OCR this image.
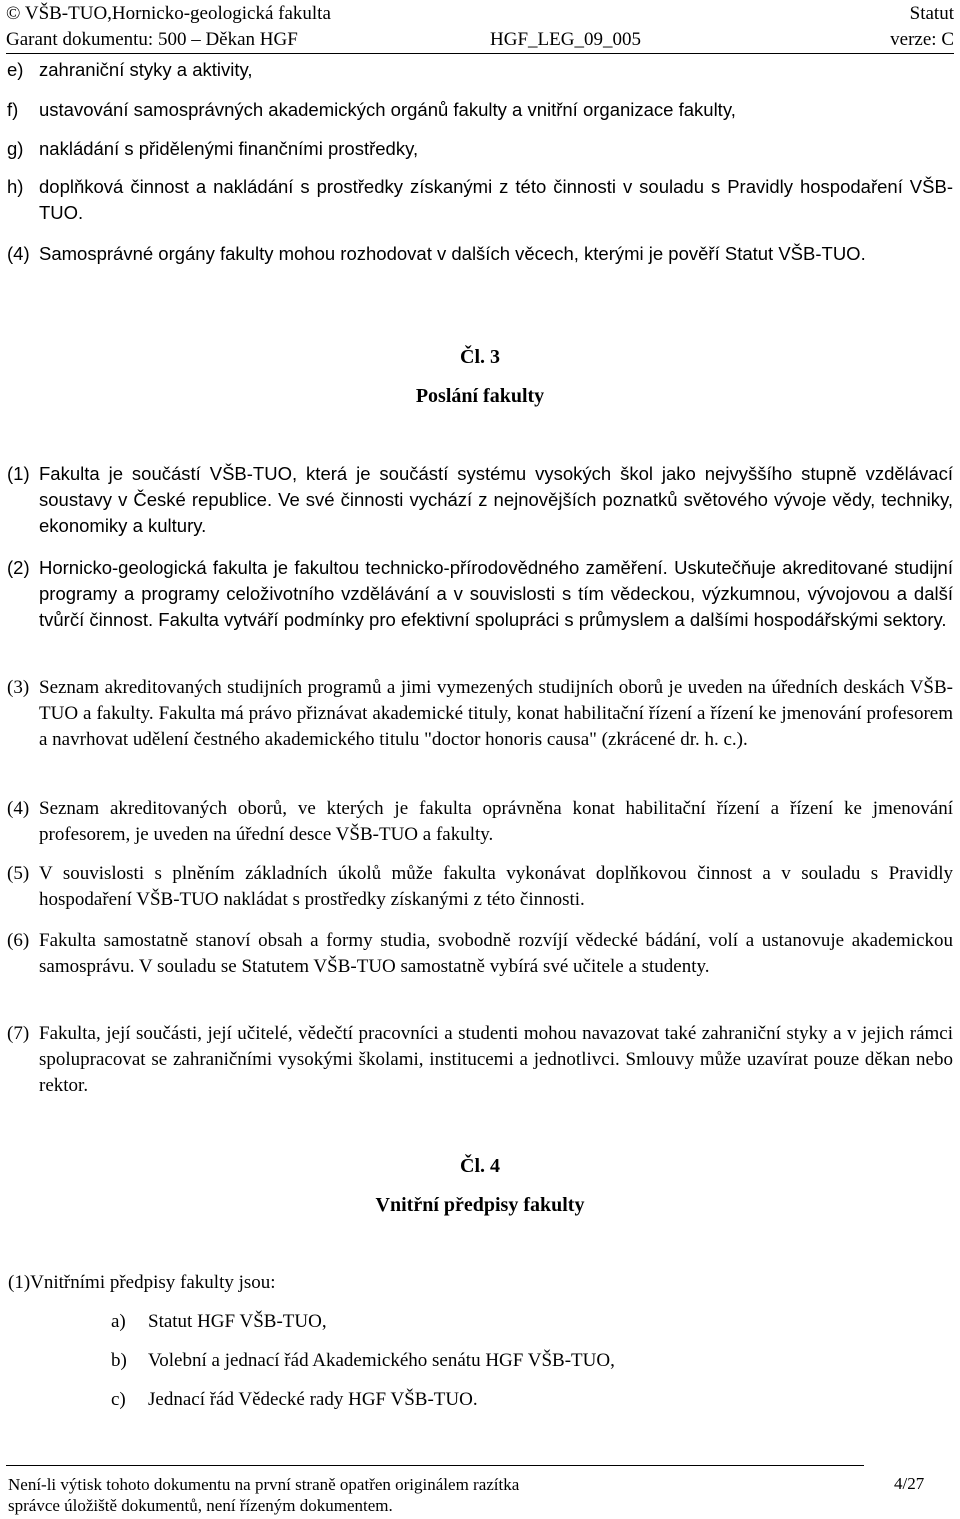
© VŠB-TUO,Hornicko-geologická fakulta	Statut
Garant dokumentu: 500 – Děkan HGF	HGF_LEG_09_005	verze: C
e) zahraniční styky a aktivity,
f) ustavování samosprávných akademických orgánů fakulty a vnitřní organizace fakulty,
g) nakládání s přidělenými finančními prostředky,
h) doplňková činnost a nakládání s prostředky získanými z této činnosti v souladu s Pravidly hospodaření VŠB-TUO.
(4) Samosprávné orgány fakulty mohou rozhodovat v dalších věcech, kterými je pověří Statut VŠB-TUO.
Čl. 3
Poslání fakulty
(1) Fakulta je součástí VŠB-TUO, která je součástí systému vysokých škol jako nejvyššího stupně vzdělávací soustavy v České republice. Ve své činnosti vychází z nejnovějších poznatků světového vývoje vědy, techniky, ekonomiky a kultury.
(2) Hornicko-geologická fakulta je fakultou technicko-přírodovědného zaměření. Uskutečňuje akreditované studijní programy a programy celoživotního vzdělávání a v souvislosti s tím vědeckou, výzkumnou, vývojovou a další tvůrčí činnost. Fakulta vytváří podmínky pro efektivní spolupráci s průmyslem a dalšími hospodářskými sektory.
(3) Seznam akreditovaných studijních programů a jimi vymezených studijních oborů je uveden na úředních deskách VŠB-TUO a fakulty. Fakulta má právo přiznávat akademické tituly, konat habilitační řízení a řízení ke jmenování profesorem a navrhovat udělení čestného akademického titulu "doctor honoris causa" (zkrácené dr. h. c.).
(4) Seznam akreditovaných oborů, ve kterých je fakulta oprávněna konat habilitační řízení a řízení ke jmenování profesorem, je uveden na úřední desce VŠB-TUO a fakulty.
(5) V souvislosti s plněním základních úkolů může fakulta vykonávat doplňkovou činnost a v souladu s Pravidly hospodaření VŠB-TUO nakládat s prostředky získanými z této činnosti.
(6) Fakulta samostatně stanoví obsah a formy studia, svobodně rozvíjí vědecké bádání, volí a ustanovuje akademickou samosprávu. V souladu se Statutem VŠB-TUO samostatně vybírá své učitele a studenty.
(7) Fakulta, její součásti, její učitelé, vědečtí pracovníci a studenti mohou navazovat také zahraniční styky a v jejich rámci spolupracovat se zahraničními vysokými školami, institucemi a jednotlivci. Smlouvy může uzavírat pouze děkan nebo rektor.
Čl. 4
Vnitřní předpisy fakulty
(1)Vnitřními předpisy fakulty jsou:
a) Statut HGF VŠB-TUO,
b) Volební a jednací řád Akademického senátu HGF VŠB-TUO,
c) Jednací řád Vědecké rady HGF VŠB-TUO.
Není-li výtisk tohoto dokumentu na první straně opatřen originálem razítka
správce úložiště dokumentů, není řízeným dokumentem.
4/27
